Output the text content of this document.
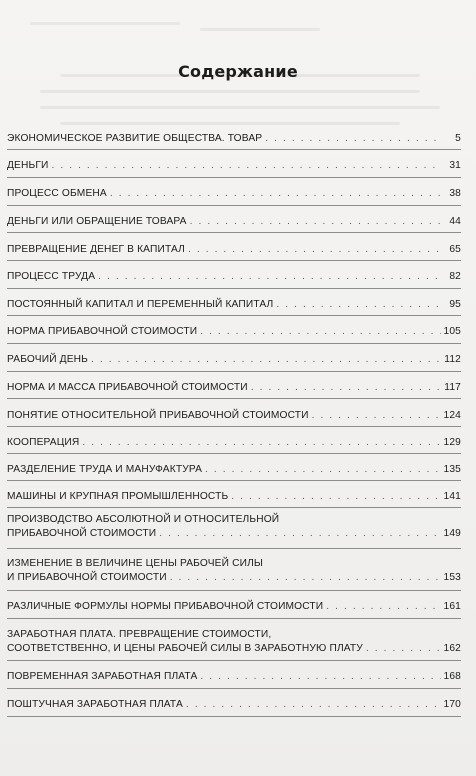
Содержание
ЭКОНОМИЧЕСКОЕ РАЗВИТИЕ ОБЩЕСТВА. ТОВАР . . .	5
ДЕНЬГИ . . .	31
ПРОЦЕСС ОБМЕНА . . .	38
ДЕНЬГИ ИЛИ ОБРАЩЕНИЕ ТОВАРА . . .	44
ПРЕВРАЩЕНИЕ ДЕНЕГ В КАПИТАЛ . . .	65
ПРОЦЕСС ТРУДА . . .	82
ПОСТОЯННЫЙ КАПИТАЛ И ПЕРЕМЕННЫЙ КАПИТАЛ . . .	95
НОРМА ПРИБАВОЧНОЙ СТОИМОСТИ . . .	105
РАБОЧИЙ ДЕНЬ . . .	112
НОРМА И МАССА ПРИБАВОЧНОЙ СТОИМОСТИ . . .	117
ПОНЯТИЕ ОТНОСИТЕЛЬНОЙ ПРИБАВОЧНОЙ СТОИМОСТИ . . .	124
КООПЕРАЦИЯ . . .	129
РАЗДЕЛЕНИЕ ТРУДА И МАНУФАКТУРА . . .	135
МАШИНЫ И КРУПНАЯ ПРОМЫШЛЕННОСТЬ . . .	141
ПРОИЗВОДСТВО АБСОЛЮТНОЙ И ОТНОСИТЕЛЬНОЙ
ПРИБАВОЧНОЙ СТОИМОСТИ . . .	149
ИЗМЕНЕНИЕ В ВЕЛИЧИНЕ ЦЕНЫ РАБОЧЕЙ СИЛЫ
И ПРИБАВОЧНОЙ СТОИМОСТИ . . .	153
РАЗЛИЧНЫЕ ФОРМУЛЫ НОРМЫ ПРИБАВОЧНОЙ СТОИМОСТИ . . .	161
ЗАРАБОТНАЯ ПЛАТА. ПРЕВРАЩЕНИЕ СТОИМОСТИ,
СООТВЕТСТВЕННО, И ЦЕНЫ РАБОЧЕЙ СИЛЫ В ЗАРАБОТНУЮ ПЛАТУ . . .	162
ПОВРЕМЕННАЯ ЗАРАБОТНАЯ ПЛАТА . . .	168
ПОШТУЧНАЯ ЗАРАБОТНАЯ ПЛАТА . . .	170
